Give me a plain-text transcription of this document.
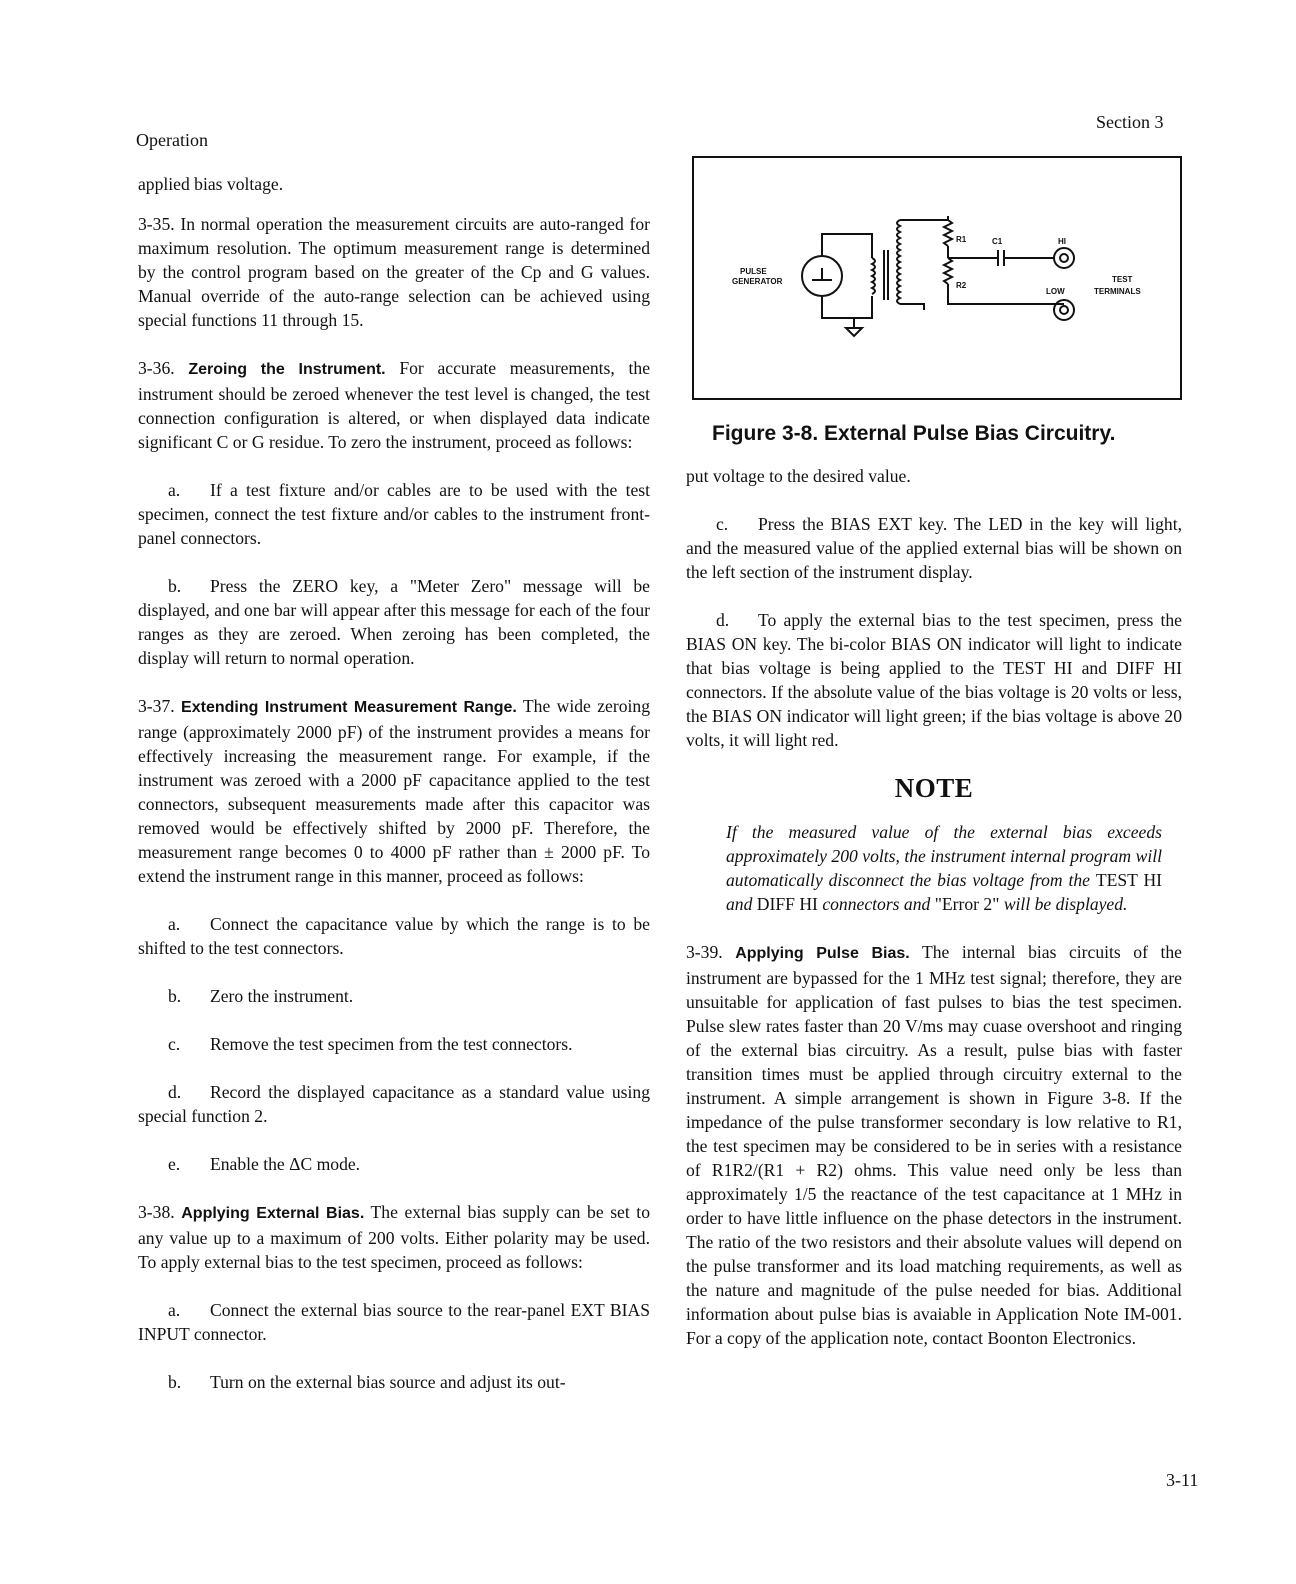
Operation
Section 3

applied bias voltage.

3-35. In normal operation the measurement circuits are auto-ranged for maximum resolution. The optimum measurement range is determined by the control program based on the greater of the Cp and G values. Manual override of the auto-range selection can be achieved using special functions 11 through 15.

3-36. Zeroing the Instrument. For accurate measurements, the instrument should be zeroed whenever the test level is changed, the test connection configuration is altered, or when displayed data indicate significant C or G residue. To zero the instrument, proceed as follows:

a. If a test fixture and/or cables are to be used with the test specimen, connect the test fixture and/or cables to the instrument front-panel connectors.

b. Press the ZERO key, a "Meter Zero" message will be displayed, and one bar will appear after this message for each of the four ranges as they are zeroed. When zeroing has been completed, the display will return to normal operation.

3-37. Extending Instrument Measurement Range. The wide zeroing range (approximately 2000 pF) of the instrument provides a means for effectively increasing the measurement range. For example, if the instrument was zeroed with a 2000 pF capacitance applied to the test connectors, subsequent measurements made after this capacitor was removed would be effectively shifted by 2000 pF. Therefore, the measurement range becomes 0 to 4000 pF rather than ± 2000 pF. To extend the instrument range in this manner, proceed as follows:

a. Connect the capacitance value by which the range is to be shifted to the test connectors.

b. Zero the instrument.

c. Remove the test specimen from the test connectors.

d. Record the displayed capacitance as a standard value using special function 2.

e. Enable the ΔC mode.

3-38. Applying External Bias. The external bias supply can be set to any value up to a maximum of 200 volts. Either polarity may be used. To apply external bias to the test specimen, proceed as follows:

a. Connect the external bias source to the rear-panel EXT BIAS INPUT connector.

b. Turn on the external bias source and adjust its out-

PULSE
GENERATOR
R1
R2
C1	HI
LOW
TEST
TERMINALS
Figure 3-8. External Pulse Bias Circuitry.

put voltage to the desired value.

c. Press the BIAS EXT key. The LED in the key will light, and the measured value of the applied external bias will be shown on the left section of the instrument display.

d. To apply the external bias to the test specimen, press the BIAS ON key. The bi-color BIAS ON indicator will light to indicate that bias voltage is being applied to the TEST HI and DIFF HI connectors. If the absolute value of the bias voltage is 20 volts or less, the BIAS ON indicator will light green; if the bias voltage is above 20 volts, it will light red.

NOTE

If the measured value of the external bias exceeds approximately 200 volts, the instrument internal program will automatically disconnect the bias voltage from the TEST HI and DIFF HI connectors and "Error 2" will be displayed.

3-39. Applying Pulse Bias. The internal bias circuits of the instrument are bypassed for the 1 MHz test signal; therefore, they are unsuitable for application of fast pulses to bias the test specimen. Pulse slew rates faster than 20 V/ms may cuase overshoot and ringing of the external bias circuitry. As a result, pulse bias with faster transition times must be applied through circuitry external to the instrument. A simple arrangement is shown in Figure 3-8. If the impedance of the pulse transformer secondary is low relative to R1, the test specimen may be considered to be in series with a resistance of R1R2/(R1 + R2) ohms. This value need only be less than approximately 1/5 the reactance of the test capacitance at 1 MHz in order to have little influence on the phase detectors in the instrument. The ratio of the two resistors and their absolute values will depend on the pulse transformer and its load matching requirements, as well as the nature and magnitude of the pulse needed for bias. Additional information about pulse bias is avaiable in Application Note IM-001. For a copy of the application note, contact Boonton Electronics.

3-11
